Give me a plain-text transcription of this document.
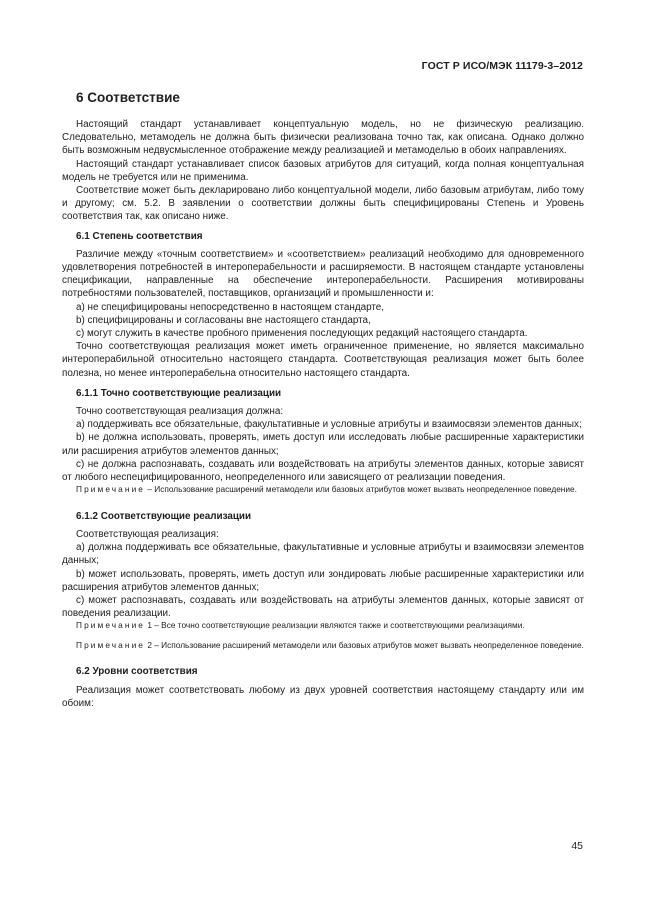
ГОСТ Р ИСО/МЭК 11179-3–2012
6 Соответствие

Настоящий стандарт устанавливает концептуальную модель, но не физическую реализацию. Следовательно, метамодель не должна быть физически реализована точно так, как описана. Однако должно быть возможным недвусмысленное отображение между реализацией и метамоделью в обоих направлениях.

Настоящий стандарт устанавливает список базовых атрибутов для ситуаций, когда полная концептуальная модель не требуется или не применима.

Соответствие может быть декларировано либо концептуальной модели, либо базовым атрибутам, либо тому и другому; см. 5.2. В заявлении о соответствии должны быть специфицированы Степень и Уровень соответствия так, как описано ниже.

6.1 Степень соответствия

Различие между «точным соответствием» и «соответствием» реализаций необходимо для одновременного удовлетворения потребностей в интероперабельности и расширяемости. В настоящем стандарте установлены спецификации, направленные на обеспечение интероперабельности. Расширения мотивированы потребностями пользователей, поставщиков, организаций и промышленности и:

a) не специфицированы непосредственно в настоящем стандарте,

b) специфицированы и согласованы вне настоящего стандарта,

c) могут служить в качестве пробного применения последующих редакций настоящего стандарта.

Точно соответствующая реализация может иметь ограниченное применение, но является максимально интероперабильной относительно настоящего стандарта. Соответствующая реализация может быть более полезна, но менее интероперабельна относительно настоящего стандарта.

6.1.1 Точно соответствующие реализации

Точно соответствующая реализация должна:

a) поддерживать все обязательные, факультативные и условные атрибуты и взаимосвязи элементов данных;

b) не должна использовать, проверять, иметь доступ или исследовать любые расширенные характеристики или расширения атрибутов элементов данных;

c) не должна распознавать, создавать или воздействовать на атрибуты элементов данных, которые зависят от любого неспецифицированного, неопределенного или зависящего от реализации поведения.

Примечание – Использование расширений метамодели или базовых атрибутов может вызвать неопределенное поведение.

6.1.2 Соответствующие реализации

Соответствующая реализация:

a) должна поддерживать все обязательные, факультативные и условные атрибуты и взаимосвязи элементов данных;

b) может использовать, проверять, иметь доступ или зондировать любые расширенные характеристики или расширения атрибутов элементов данных;

c) может распознавать, создавать или воздействовать на атрибуты элементов данных, которые зависят от поведения реализации.

Примечание 1 – Все точно соответствующие реализации являются также и соответствующими реализациями.

Примечание 2 – Использование расширений метамодели или базовых атрибутов может вызвать неопределенное поведение.

6.2 Уровни соответствия

Реализация может соответствовать любому из двух уровней соответствия настоящему стандарту или им обоим:

45
